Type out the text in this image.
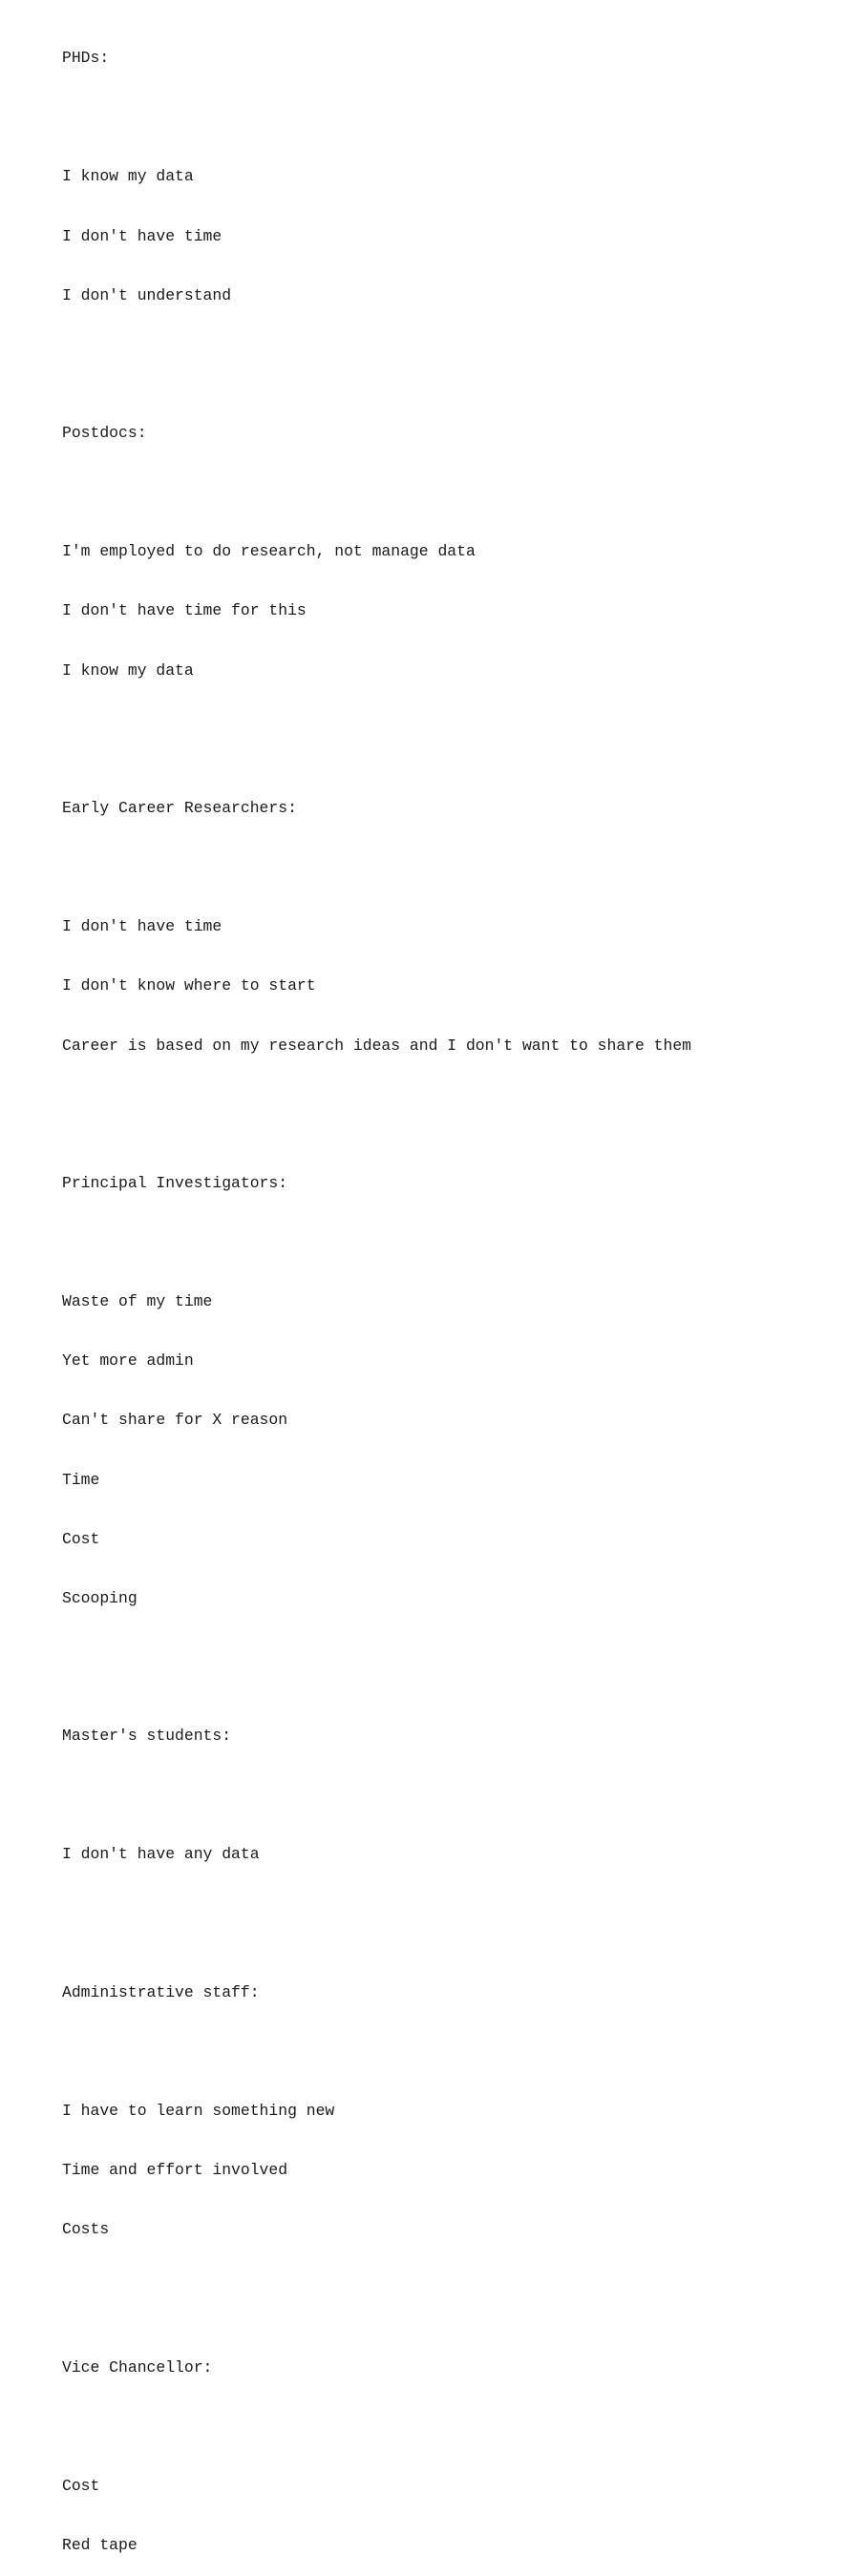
PHDs:

I know my data

I don't have time

I don't understand

Postdocs:

I'm employed to do research, not manage data

I don't have time for this

I know my data

Early Career Researchers:

I don't have time

I don't know where to start

Career is based on my research ideas and I don't want to share them

Principal Investigators:

Waste of my time

Yet more admin

Can't share for X reason

Time

Cost

Scooping

Master's students:

I don't have any data

Administrative staff:

I have to learn something new

Time and effort involved

Costs

Vice Chancellor:

Cost

Red tape
